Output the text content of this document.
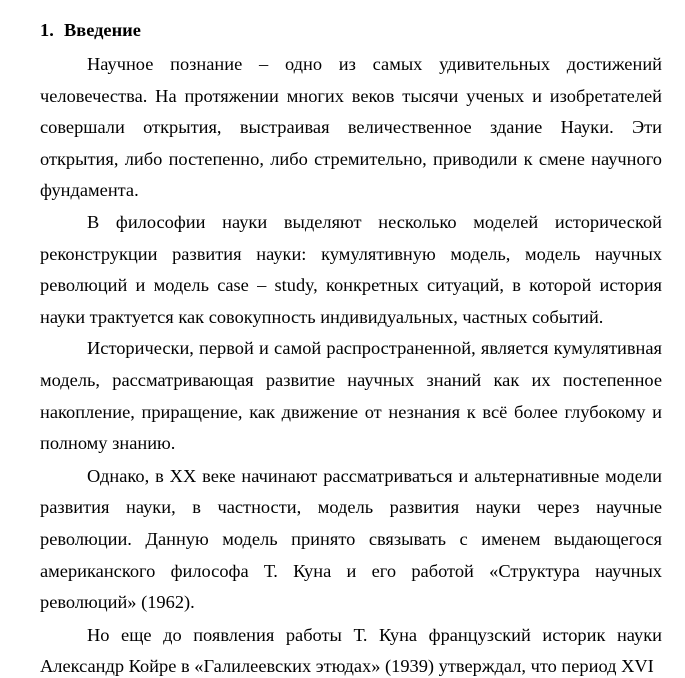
1. Введение

Научное познание – одно из самых удивительных достижений человечества. На протяжении многих веков тысячи ученых и изобретателей совершали открытия, выстраивая величественное здание Науки. Эти открытия, либо постепенно, либо стремительно, приводили к смене научного фундамента.

В философии науки выделяют несколько моделей исторической реконструкции развития науки: кумулятивную модель, модель научных революций и модель case – study, конкретных ситуаций, в которой история науки трактуется как совокупность индивидуальных, частных событий.

Исторически, первой и самой распространенной, является кумулятивная модель, рассматривающая развитие научных знаний как их постепенное накопление, приращение, как движение от незнания к всё более глубокому и полному знанию.

Однако, в XX веке начинают рассматриваться и альтернативные модели развития науки, в частности, модель развития науки через научные революции. Данную модель принято связывать с именем выдающегося американского философа Т. Куна и его работой «Структура научных революций» (1962).

Но еще до появления работы Т. Куна французский историк науки Александр Койре в «Галилеевских этюдах» (1939) утверждал, что период XVI
